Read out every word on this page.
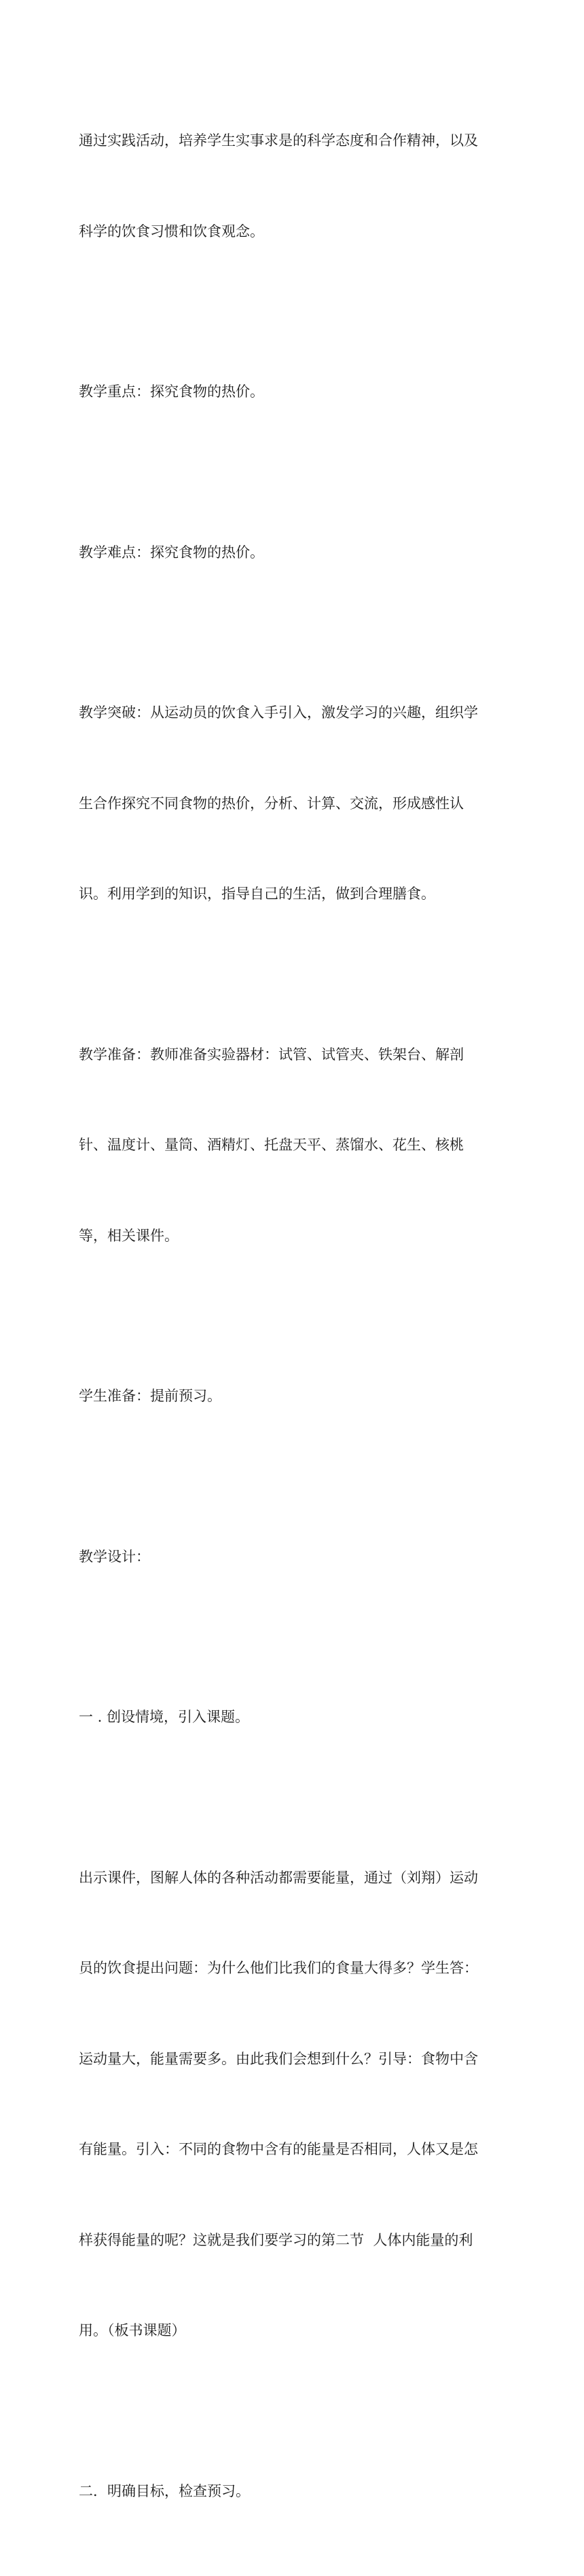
通过实践活动，培养学生实事求是的科学态度和合作精神，以及

科学的饮食习惯和饮食观念。

教学重点：探究食物的热价。

教学难点：探究食物的热价。

教学突破：从运动员的饮食入手引入，激发学习的兴趣，组织学

生合作探究不同食物的热价，分析、计算、交流，形成感性认

识。利用学到的知识，指导自己的生活，做到合理膳食。

教学准备：教师准备实验器材：试管、试管夹、铁架台、解剖

针、温度计、量筒、酒精灯、托盘天平、蒸馏水、花生、核桃

等，相关课件。

学生准备：提前预习。

教学设计：

一 . 创设情境，引入课题。

出示课件，图解人体的各种活动都需要能量，通过（刘翔）运动

员的饮食提出问题：为什么他们比我们的食量大得多？学生答：

运动量大，能量需要多。由此我们会想到什么？引导：食物中含

有能量。引入：不同的食物中含有的能量是否相同，人体又是怎

样获得能量的呢？这就是我们要学习的第二节  人体内能量的利

用。（板书课题）

二．明确目标，检查预习。
